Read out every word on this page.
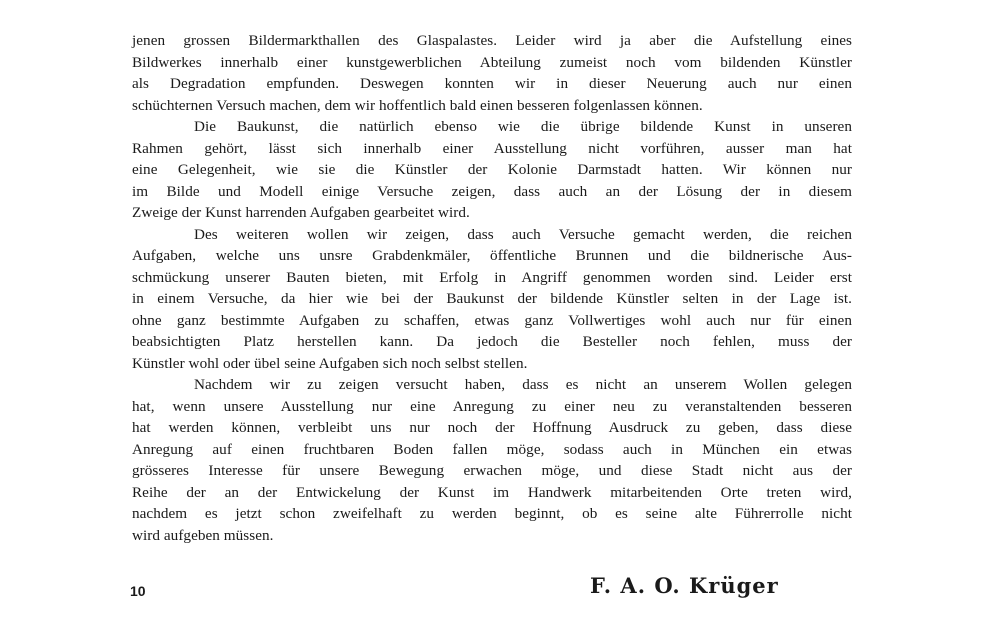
jenen grossen Bildermarkthallen des Glaspalastes. Leider wird ja aber die Aufstellung eines
Bildwerkes innerhalb einer kunstgewerblichen Abteilung zumeist noch vom bildenden Künstler
als Degradation empfunden. Deswegen konnten wir in dieser Neuerung auch nur einen
schüchternen Versuch machen, dem wir hoffentlich bald einen besseren folgenlassen können.

Die Baukunst, die natürlich ebenso wie die übrige bildende Kunst in unseren
Rahmen gehört, lässt sich innerhalb einer Ausstellung nicht vorführen, ausser man hat
eine Gelegenheit, wie sie die Künstler der Kolonie Darmstadt hatten. Wir können nur
im Bilde und Modell einige Versuche zeigen, dass auch an der Lösung der in diesem
Zweige der Kunst harrenden Aufgaben gearbeitet wird.

Des weiteren wollen wir zeigen, dass auch Versuche gemacht werden, die reichen
Aufgaben, welche uns unsre Grabdenkmäler, öffentliche Brunnen und die bildnerische Aus-
schmückung unserer Bauten bieten, mit Erfolg in Angriff genommen worden sind. Leider erst
in einem Versuche, da hier wie bei der Baukunst der bildende Künstler selten in der Lage ist.
ohne ganz bestimmte Aufgaben zu schaffen, etwas ganz Vollwertiges wohl auch nur für einen
beabsichtigten Platz herstellen kann. Da jedoch die Besteller noch fehlen, muss der
Künstler wohl oder übel seine Aufgaben sich noch selbst stellen.

Nachdem wir zu zeigen versucht haben, dass es nicht an unserem Wollen gelegen
hat, wenn unsere Ausstellung nur eine Anregung zu einer neu zu veranstaltenden besseren
hat werden können, verbleibt uns nur noch der Hoffnung Ausdruck zu geben, dass diese
Anregung auf einen fruchtbaren Boden fallen möge, sodass auch in München ein etwas
grösseres Interesse für unsere Bewegung erwachen möge, und diese Stadt nicht aus der
Reihe der an der Entwickelung der Kunst im Handwerk mitarbeitenden Orte treten wird,
nachdem es jetzt schon zweifelhaft zu werden beginnt, ob es seine alte Führerrolle nicht
wird aufgeben müssen.

10	F. A. O. Krüger
